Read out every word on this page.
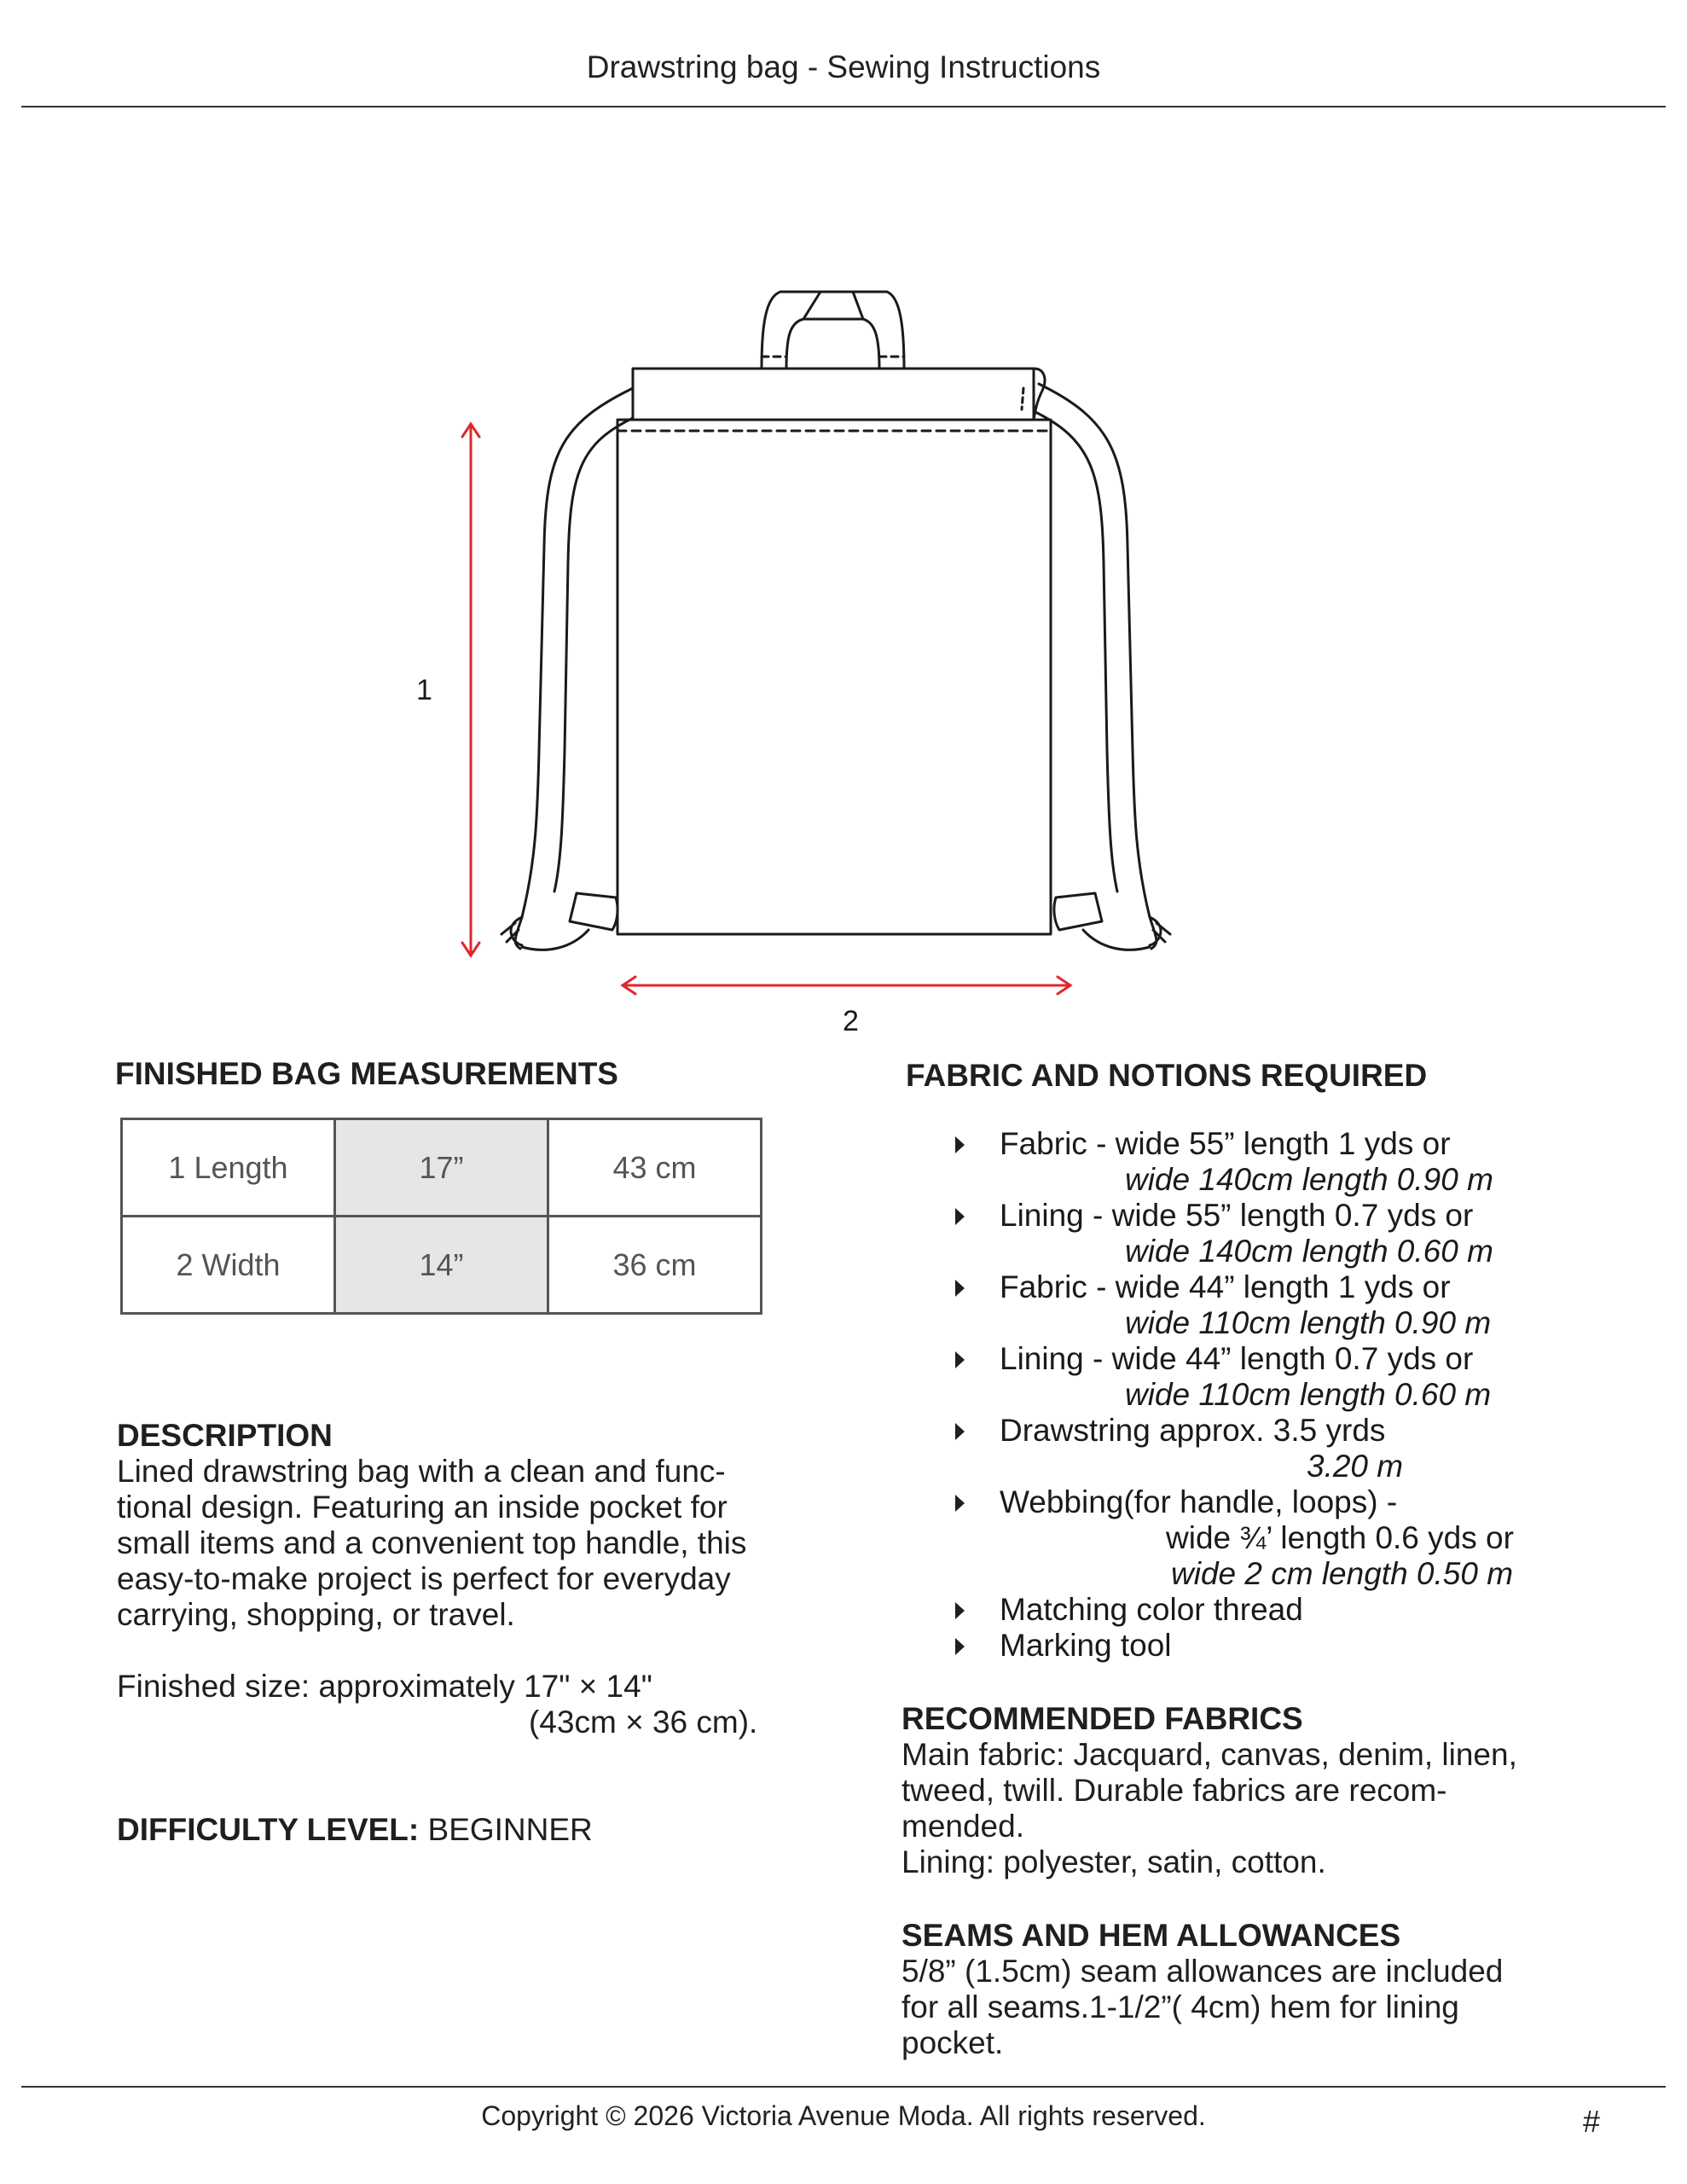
Drawstring bag - Sewing Instructions
1
2
FINISHED BAG MEASUREMENTS
1 Length	17”	43 cm
2 Width	14”	36 cm
DESCRIPTION
Lined drawstring bag with a clean and func-
tional design. Featuring an inside pocket for
small items and a convenient top handle, this
easy-to-make project is perfect for everyday
carrying, shopping, or travel.
Finished size: approximately 17" × 14"
(43cm × 36 cm).
DIFFICULTY LEVEL: BEGINNER
FABRIC AND NOTIONS REQUIRED
Fabric - wide 55” length 1 yds or
wide 140cm length 0.90 m
Lining - wide 55” length 0.7 yds or
wide 140cm length 0.60 m
Fabric - wide 44” length 1 yds or
wide 110cm length 0.90 m
Lining - wide 44” length 0.7 yds or
wide 110cm length 0.60 m
Drawstring approx. 3.5 yrds
3.20 m
Webbing(for handle, loops) -
wide ¾’ length 0.6 yds or
wide 2 cm length 0.50 m
Matching color thread
Marking tool
RECOMMENDED FABRICS
Main fabric: Jacquard, canvas, denim, linen,
tweed, twill. Durable fabrics are recom-
mended.
Lining: polyester, satin, cotton.
SEAMS AND HEM ALLOWANCES
5/8” (1.5cm) seam allowances are included
for all seams.1-1/2”( 4cm) hem for lining
pocket.
Copyright © 2026 Victoria Avenue Moda. All rights reserved.	#
